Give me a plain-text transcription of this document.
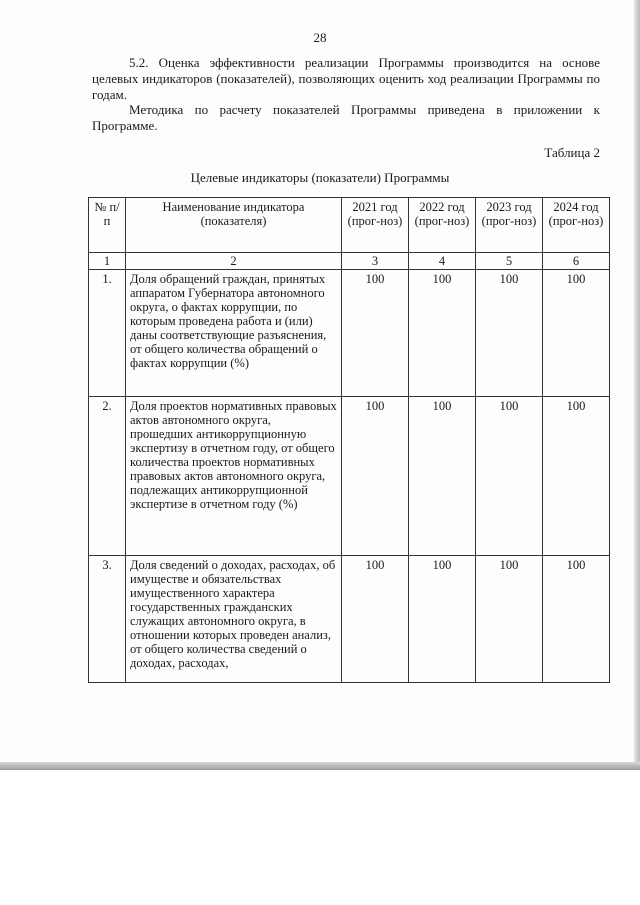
28

5.2. Оценка эффективности реализации Программы производится на основе целевых индикаторов (показателей), позволяющих оценить ход реализации Программы по годам.

Методика по расчету показателей Программы приведена в приложении к Программе.

Таблица 2
Целевые индикаторы (показатели) Программы
№ п/п	Наименование индикатора (показателя)	2021 год (прог-ноз)	2022 год (прог-ноз)	2023 год (прог-ноз)	2024 год (прог-ноз)
1	2	3	4	5	6
1.	Доля обращений граждан, принятых аппаратом Губернатора автономного округа, о фактах коррупции, по которым проведена работа и (или) даны соответствующие разъяснения, от общего количества обращений о фактах коррупции (%)	100	100	100	100
2.	Доля проектов нормативных правовых актов автономного округа, прошедших антикоррупционную экспертизу в отчетном году, от общего количества проектов нормативных правовых актов автономного округа, подлежащих антикоррупционной экспертизе в отчетном году (%)	100	100	100	100
3.	Доля сведений о доходах, расходах, об имуществе и обязательствах имущественного характера государственных гражданских служащих автономного округа, в отношении которых проведен анализ, от общего количества сведений о доходах, расходах,	100	100	100	100
